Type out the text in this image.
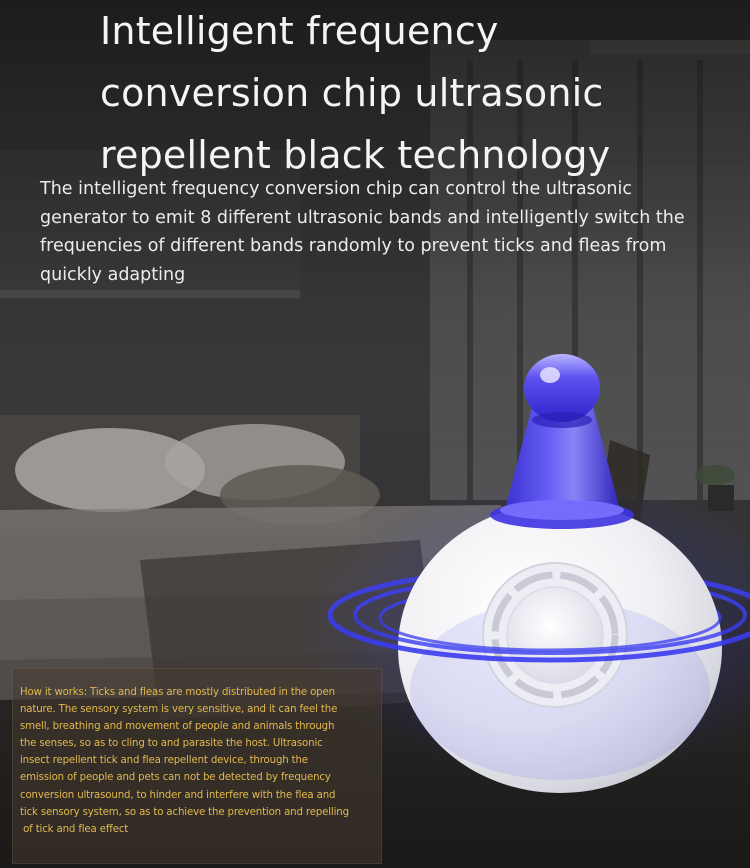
Intelligent frequency
conversion chip ultrasonic
repellent black technology

The intelligent frequency conversion chip can control the ultrasonic
generator to emit 8 different ultrasonic bands and intelligently switch the
frequencies of different bands randomly to prevent ticks and fleas from
quickly adapting

How it works: Ticks and fleas are mostly distributed in the open
nature. The sensory system is very sensitive, and it can feel the
smell, breathing and movement of people and animals through
the senses, so as to cling to and parasite the host. Ultrasonic
insect repellent tick and flea repellent device, through the
emission of people and pets can not be detected by frequency
conversion ultrasound, to hinder and interfere with the flea and
tick sensory system, so as to achieve the prevention and repelling
of tick and flea effect
